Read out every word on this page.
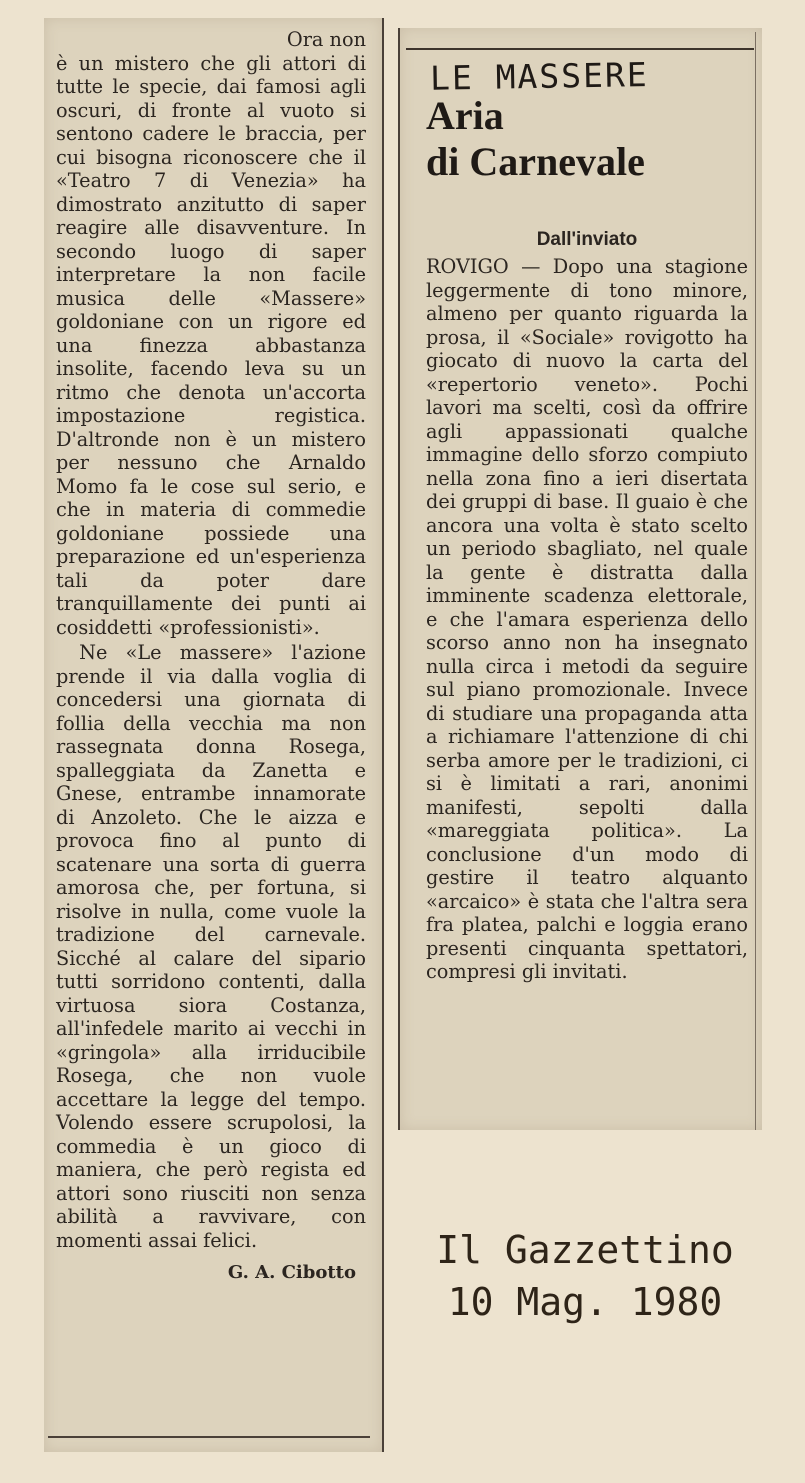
Ora non
è un mistero che gli attori di tutte le specie, dai famosi agli oscuri, di fronte al vuoto si sentono cadere le braccia, per cui bisogna riconoscere che il «Teatro 7 di Venezia» ha dimostrato anzitutto di saper reagire alle disavventure. In secondo luogo di saper interpretare la non facile musica delle «Massere» goldoniane con un rigore ed una finezza abbastanza insolite, facendo leva su un ritmo che denota un'accorta impostazione registica. D'altronde non è un mistero per nessuno che Arnaldo Momo fa le cose sul serio, e che in materia di commedie goldoniane possiede una preparazione ed un'esperienza tali da poter dare tranquillamente dei punti ai cosiddetti «professionisti».

Ne «Le massere» l'azione prende il via dalla voglia di concedersi una giornata di follia della vecchia ma non rassegnata donna Rosega, spalleggiata da Zanetta e Gnese, entrambe innamorate di Anzoleto. Che le aizza e provoca fino al punto di scatenare una sorta di guerra amorosa che, per fortuna, si risolve in nulla, come vuole la tradizione del carnevale. Sicché al calare del sipario tutti sorridono contenti, dalla virtuosa siora Costanza, all'infedele marito ai vecchi in «gringola» alla irriducibile Rosega, che non vuole accettare la legge del tempo. Volendo essere scrupolosi, la commedia è un gioco di maniera, che però regista ed attori sono riusciti non senza abilità a ravvivare, con momenti assai felici.

G. A. Cibotto
LE MASSERE
Aria
di Carnevale
Dall'inviato

ROVIGO — Dopo una stagione leggermente di tono minore, almeno per quanto riguarda la prosa, il «Sociale» rovigotto ha giocato di nuovo la carta del «repertorio veneto». Pochi lavori ma scelti, così da offrire agli appassionati qualche immagine dello sforzo compiuto nella zona fino a ieri disertata dei gruppi di base. Il guaio è che ancora una volta è stato scelto un periodo sbagliato, nel quale la gente è distratta dalla imminente scadenza elettorale, e che l'amara esperienza dello scorso anno non ha insegnato nulla circa i metodi da seguire sul piano promozionale. Invece di studiare una propaganda atta a richiamare l'attenzione di chi serba amore per le tradizioni, ci si è limitati a rari, anonimi manifesti, sepolti dalla «mareggiata politica». La conclusione d'un modo di gestire il teatro alquanto «arcaico» è stata che l'altra sera fra platea, palchi e loggia erano presenti cinquanta spettatori, compresi gli invitati.

Il Gazzettino
10 Mag. 1980
